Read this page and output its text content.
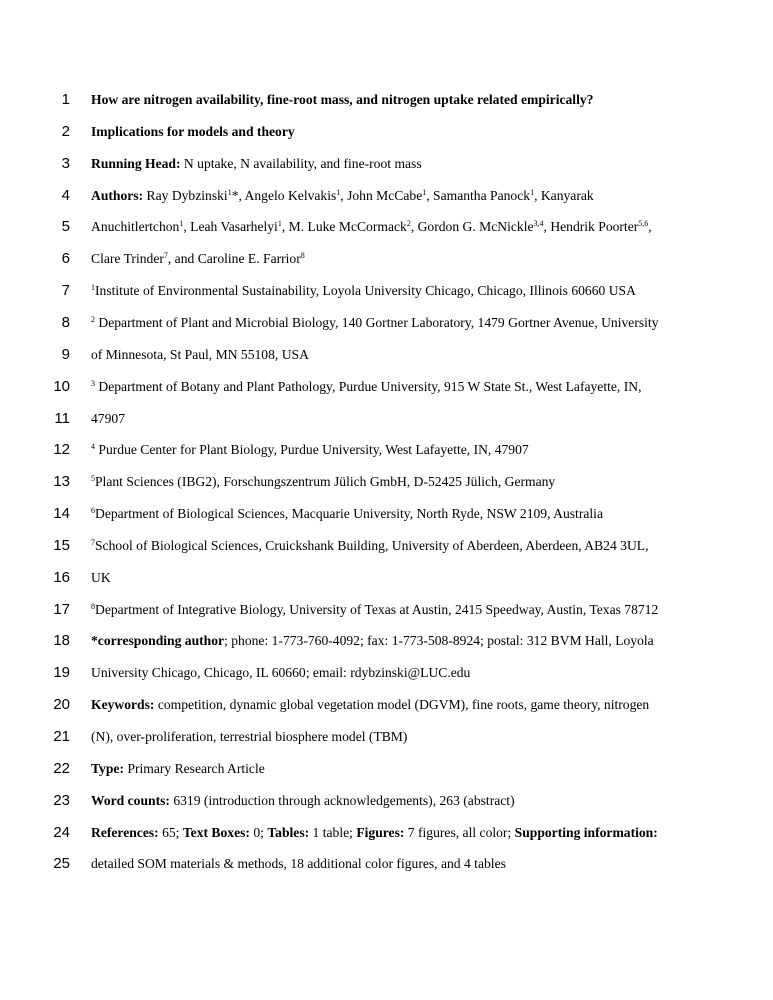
1 How are nitrogen availability, fine-root mass, and nitrogen uptake related empirically?
2 Implications for models and theory
3 Running Head: N uptake, N availability, and fine-root mass
4 Authors: Ray Dybzinski$^1$*, Angelo Kelvakis$^1$, John McCabe$^1$, Samantha Panock$^1$, Kanyarak
5 Anuchitlertchon$^1$, Leah Vasarhelyi$^1$, M. Luke McCormack$^2$, Gordon G. McNickle$^{3,4}$, Hendrik Poorter$^{5,6}$,
6 Clare Trinder$^7$, and Caroline E. Farrior$^8$
7	$^1$Institute of Environmental Sustainability, Loyola University Chicago, Chicago, Illinois 60660 USA
8	$^2$ Department of Plant and Microbial Biology, 140 Gortner Laboratory, 1479 Gortner Avenue, University
9 of Minnesota, St Paul, MN 55108, USA
10	$^3$ Department of Botany and Plant Pathology, Purdue University, 915 W State St., West Lafayette, IN,
11 47907
12	$^4$ Purdue Center for Plant Biology, Purdue University, West Lafayette, IN, 47907
13	$^5$Plant Sciences (IBG2), Forschungszentrum Jülich GmbH, D-52425 Jülich, Germany
14	$^6$Department of Biological Sciences, Macquarie University, North Ryde, NSW 2109, Australia
15	$^7$School of Biological Sciences, Cruickshank Building, University of Aberdeen, Aberdeen, AB24 3UL,
16 UK
17	$^8$Department of Integrative Biology, University of Texas at Austin, 2415 Speedway, Austin, Texas 78712
18 *corresponding author; phone: 1-773-760-4092; fax: 1-773-508-8924; postal: 312 BVM Hall, Loyola
19 University Chicago, Chicago, IL 60660; email: rdybzinski@LUC.edu
20 Keywords: competition, dynamic global vegetation model (DGVM), fine roots, game theory, nitrogen
21 (N), over-proliferation, terrestrial biosphere model (TBM)
22 Type: Primary Research Article
23 Word counts: 6319 (introduction through acknowledgements), 263 (abstract)
24 References: 65; Text Boxes: 0; Tables: 1 table; Figures: 7 figures, all color; Supporting information:
25 detailed SOM materials & methods, 18 additional color figures, and 4 tables
